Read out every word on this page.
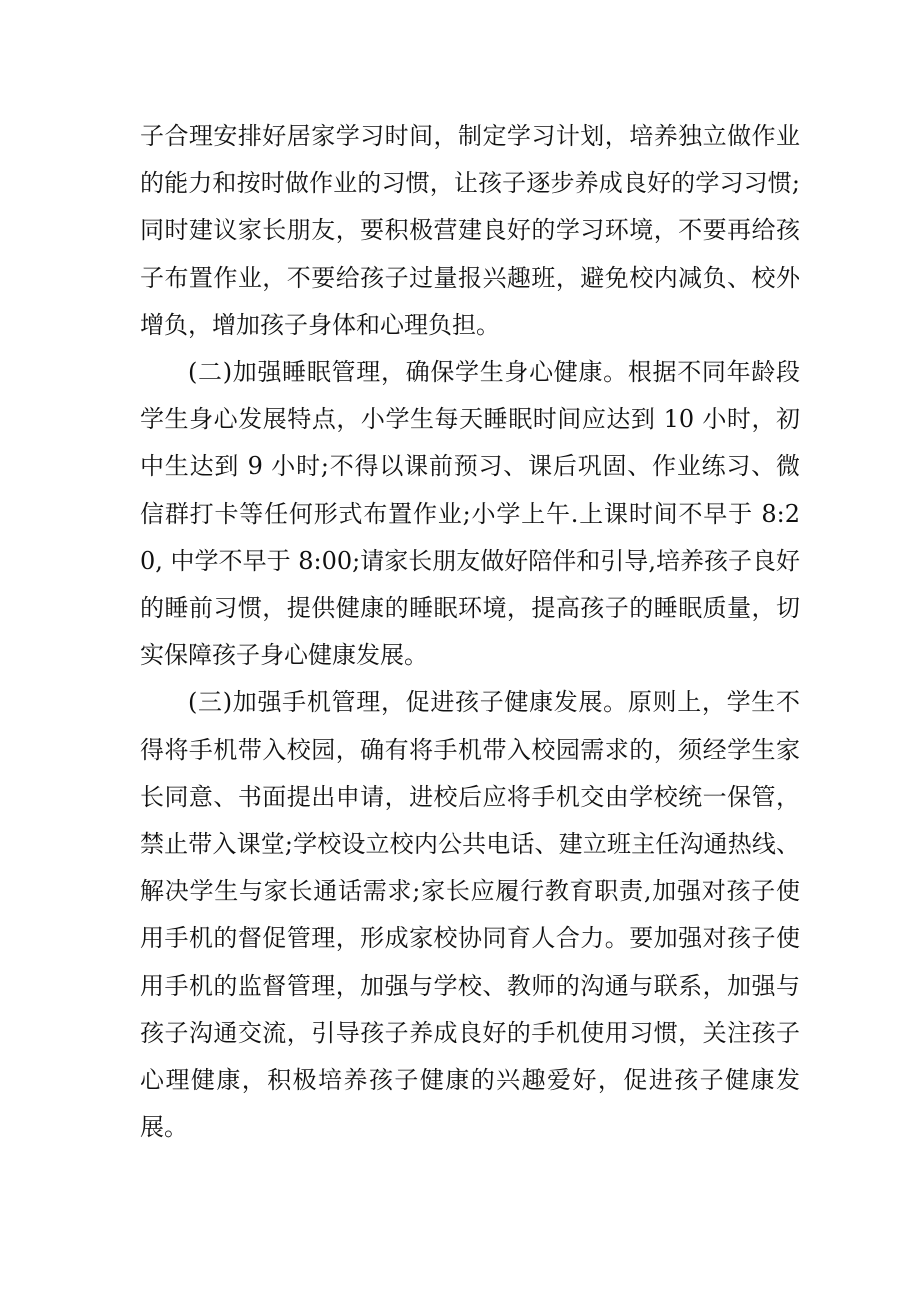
子合理安排好居家学习时间，制定学习计划，培养独立做作业的能力和按时做作业的习惯，让孩子逐步养成良好的学习习惯;同时建议家长朋友，要积极营建良好的学习环境，不要再给孩子布置作业，不要给孩子过量报兴趣班，避免校内减负、校外增负，增加孩子身体和心理负担。

(二)加强睡眠管理，确保学生身心健康。根据不同年龄段学生身心发展特点，小学生每天睡眠时间应达到 10 小时，初中生达到 9 小时;不得以课前预习、课后巩固、作业练习、微信群打卡等任何形式布置作业;小学上午.上课时间不早于 8:20, 中学不早于 8:00;请家长朋友做好陪伴和引导,培养孩子良好的睡前习惯，提供健康的睡眠环境，提高孩子的睡眠质量，切实保障孩子身心健康发展。

(三)加强手机管理，促进孩子健康发展。原则上，学生不得将手机带入校园，确有将手机带入校园需求的，须经学生家长同意、书面提出申请，进校后应将手机交由学校统一保管，禁止带入课堂;学校设立校内公共电话、建立班主任沟通热线、解决学生与家长通话需求;家长应履行教育职责,加强对孩子使用手机的督促管理，形成家校协同育人合力。要加强对孩子使用手机的监督管理，加强与学校、教师的沟通与联系，加强与孩子沟通交流，引导孩子养成良好的手机使用习惯，关注孩子心理健康，积极培养孩子健康的兴趣爱好，促进孩子健康发展。
